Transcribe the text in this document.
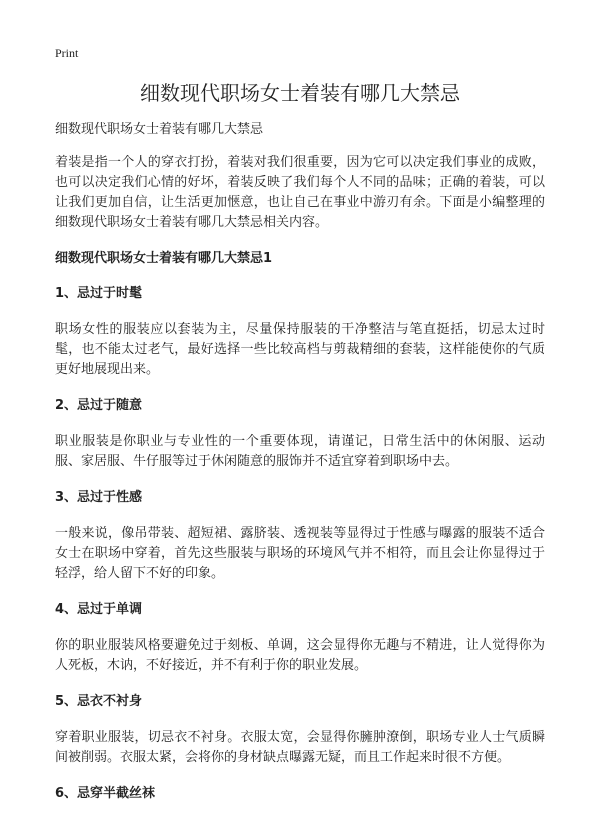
Print
细数现代职场女士着装有哪几大禁忌

细数现代职场女士着装有哪几大禁忌

着装是指一个人的穿衣打扮，着装对我们很重要，因为它可以决定我们事业的成败，也可以决定我们心情的好坏，着装反映了我们每个人不同的品味；正确的着装，可以让我们更加自信，让生活更加惬意，也让自己在事业中游刃有余。下面是小编整理的细数现代职场女士着装有哪几大禁忌相关内容。

细数现代职场女士着装有哪几大禁忌1

1、忌过于时髦

职场女性的服装应以套装为主，尽量保持服装的干净整洁与笔直挺括，切忌太过时髦，也不能太过老气，最好选择一些比较高档与剪裁精细的套装，这样能使你的气质更好地展现出来。

2、忌过于随意

职业服装是你职业与专业性的一个重要体现，请谨记，日常生活中的休闲服、运动服、家居服、牛仔服等过于休闲随意的服饰并不适宜穿着到职场中去。

3、忌过于性感

一般来说，像吊带装、超短裙、露脐装、透视装等显得过于性感与曝露的服装不适合女士在职场中穿着，首先这些服装与职场的环境风气并不相符，而且会让你显得过于轻浮，给人留下不好的印象。

4、忌过于单调

你的职业服装风格要避免过于刻板、单调，这会显得你无趣与不精进，让人觉得你为人死板，木讷，不好接近，并不有利于你的职业发展。

5、忌衣不衬身

穿着职业服装，切忌衣不衬身。衣服太宽，会显得你臃肿潦倒，职场专业人士气质瞬间被削弱。衣服太紧，会将你的身材缺点曝露无疑，而且工作起来时很不方便。

6、忌穿半截丝袜
